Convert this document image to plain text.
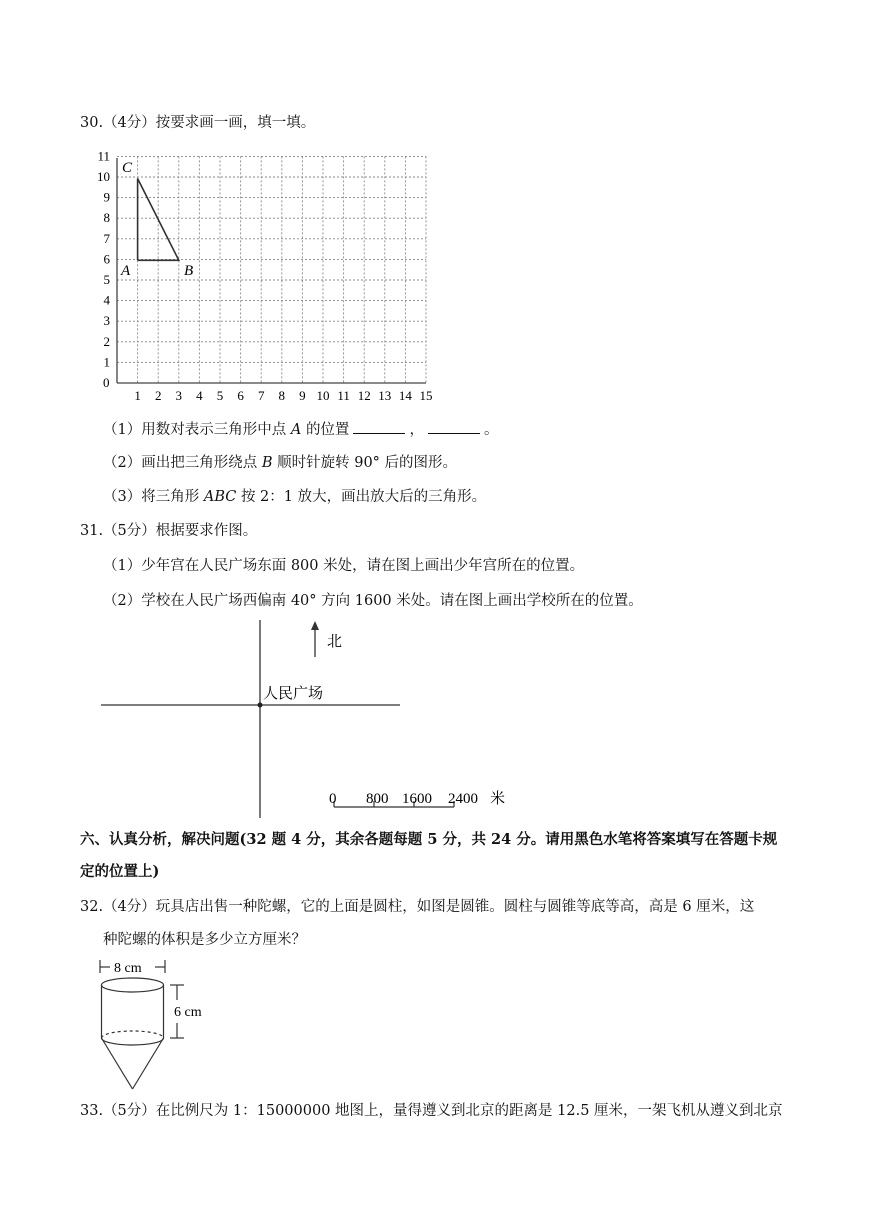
30.（4分）按要求画一画，填一填。
1 2 3 4 5 6 7 8 9 10 11 12 13 14 15
1
2
3
4
5
6
7
8
9
10
11
0
A	B
C
（1）用数对表示三角形中点 A 的位置	，	。
（2）画出把三角形绕点 B 顺时针旋转 90° 后的图形。
（3）将三角形 ABC 按 2：1 放大，画出放大后的三角形。
31.（5分）根据要求作图。
（1）少年宫在人民广场东面 800 米处，请在图上画出少年宫所在的位置。
（2）学校在人民广场西偏南 40° 方向 1600 米处。请在图上画出学校所在的位置。
北
人民广场
0 800 1600 2400 米
六、认真分析，解决问题(32 题 4 分，其余各题每题 5 分，共 24 分。请用黑色水笔将答案填写在答题卡规
定的位置上)
32.（4分）玩具店出售一种陀螺，它的上面是圆柱，如图是圆锥。圆柱与圆锥等底等高，高是 6 厘米，这
种陀螺的体积是多少立方厘米？
8 cm
6 cm
33.（5分）在比例尺为 1：15000000 地图上，量得遵义到北京的距离是 12.5 厘米，一架飞机从遵义到北京
